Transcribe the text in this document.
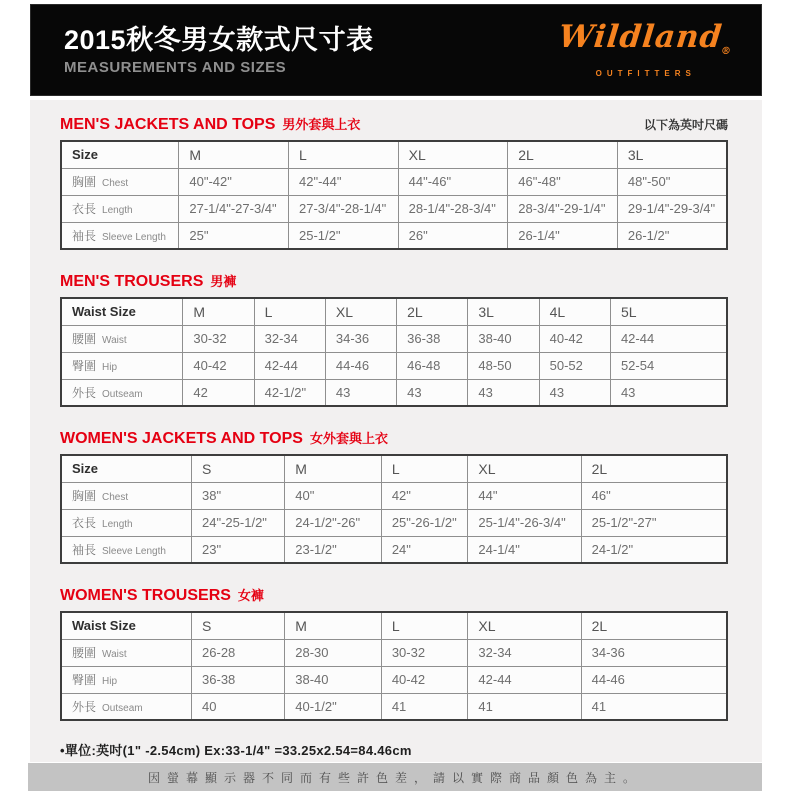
2015秋冬男女款式尺寸表
MEASUREMENTS AND SIZES
Wildland$_®$
OUTFITTERS
MEN'S JACKETS AND TOPS 男外套與上衣	以下為英吋尺碼
Size	M	L	XL	2L	3L
胸圍 Chest	40"-42"	42"-44"	44"-46"	46"-48"	48"-50"
衣長 Length	27-1/4"-27-3/4"	27-3/4"-28-1/4"	28-1/4"-28-3/4"	28-3/4"-29-1/4"	29-1/4"-29-3/4"
袖長 Sleeve Length	25"	25-1/2"	26"	26-1/4"	26-1/2"
MEN'S TROUSERS 男褲
Waist Size	M	L	XL	2L	3L	4L	5L
腰圍 Waist	30-32	32-34	34-36	36-38	38-40	40-42	42-44
臀圍 Hip	40-42	42-44	44-46	46-48	48-50	50-52	52-54
外長 Outseam	42	42-1/2"	43	43	43	43	43
WOMEN'S JACKETS AND TOPS 女外套與上衣
Size	S	M	L	XL	2L
胸圍 Chest	38"	40"	42"	44"	46"
衣長 Length	24"-25-1/2"	24-1/2"-26"	25"-26-1/2"	25-1/4"-26-3/4"	25-1/2"-27"
袖長 Sleeve Length	23"	23-1/2"	24"	24-1/4"	24-1/2"
WOMEN'S TROUSERS 女褲
Waist Size	S	M	L	XL	2L
腰圍 Waist	26-28	28-30	30-32	32-34	34-36
臀圍 Hip	36-38	38-40	40-42	42-44	44-46
外長 Outseam	40	40-1/2"	41	41	41
•單位:英吋(1" -2.54cm) Ex:33-1/4" =33.25x2.54=84.46cm
因螢幕顯示器不同而有些許色差，請以實際商品顏色為主。
